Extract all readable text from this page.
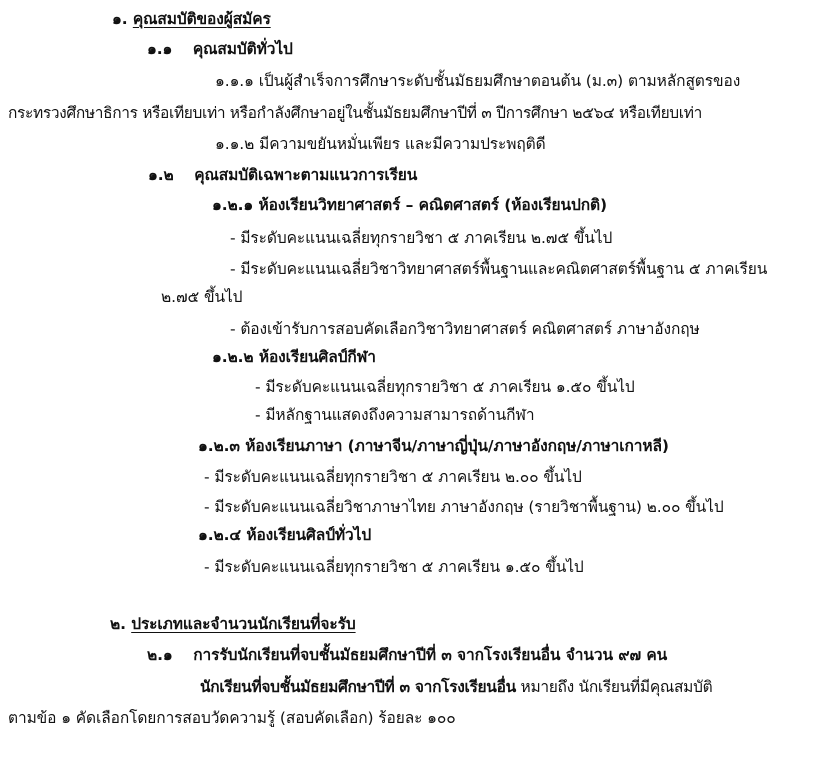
๑. คุณสมบัติของผู้สมัคร
๑.๑ คุณสมบัติทั่วไป
๑.๑.๑ เป็นผู้สำเร็จการศึกษาระดับชั้นมัธยมศึกษาตอนต้น (ม.๓) ตามหลักสูตรของ
กระทรวงศึกษาธิการ หรือเทียบเท่า หรือกำลังศึกษาอยู่ในชั้นมัธยมศึกษาปีที่ ๓ ปีการศึกษา ๒๕๖๔ หรือเทียบเท่า
๑.๑.๒ มีความขยันหมั่นเพียร และมีความประพฤติดี
๑.๒ คุณสมบัติเฉพาะตามแนวการเรียน
๑.๒.๑ ห้องเรียนวิทยาศาสตร์ – คณิตศาสตร์ (ห้องเรียนปกติ)
- มีระดับคะแนนเฉลี่ยทุกรายวิชา ๕ ภาคเรียน ๒.๗๕ ขึ้นไป
- มีระดับคะแนนเฉลี่ยวิชาวิทยาศาสตร์พื้นฐานและคณิตศาสตร์พื้นฐาน ๕ ภาคเรียน
๒.๗๕ ขึ้นไป
- ต้องเข้ารับการสอบคัดเลือกวิชาวิทยาศาสตร์ คณิตศาสตร์ ภาษาอังกฤษ
๑.๒.๒ ห้องเรียนศิลป์กีฬา
- มีระดับคะแนนเฉลี่ยทุกรายวิชา ๕ ภาคเรียน ๑.๕๐ ขึ้นไป
- มีหลักฐานแสดงถึงความสามารถด้านกีฬา
๑.๒.๓ ห้องเรียนภาษา (ภาษาจีน/ภาษาญี่ปุ่น/ภาษาอังกฤษ/ภาษาเกาหลี)
- มีระดับคะแนนเฉลี่ยทุกรายวิชา ๕ ภาคเรียน ๒.๐๐ ขึ้นไป
- มีระดับคะแนนเฉลี่ยวิชาภาษาไทย ภาษาอังกฤษ (รายวิชาพื้นฐาน) ๒.๐๐ ขึ้นไป
๑.๒.๔ ห้องเรียนศิลป์ทั่วไป
- มีระดับคะแนนเฉลี่ยทุกรายวิชา ๕ ภาคเรียน ๑.๕๐ ขึ้นไป
๒. ประเภทและจำนวนนักเรียนที่จะรับ
๒.๑ การรับนักเรียนที่จบชั้นมัธยมศึกษาปีที่ ๓ จากโรงเรียนอื่น จำนวน ๙๗ คน
นักเรียนที่จบชั้นมัธยมศึกษาปีที่ ๓ จากโรงเรียนอื่น หมายถึง นักเรียนที่มีคุณสมบัติ
ตามข้อ ๑ คัดเลือกโดยการสอบวัดความรู้ (สอบคัดเลือก) ร้อยละ ๑๐๐
